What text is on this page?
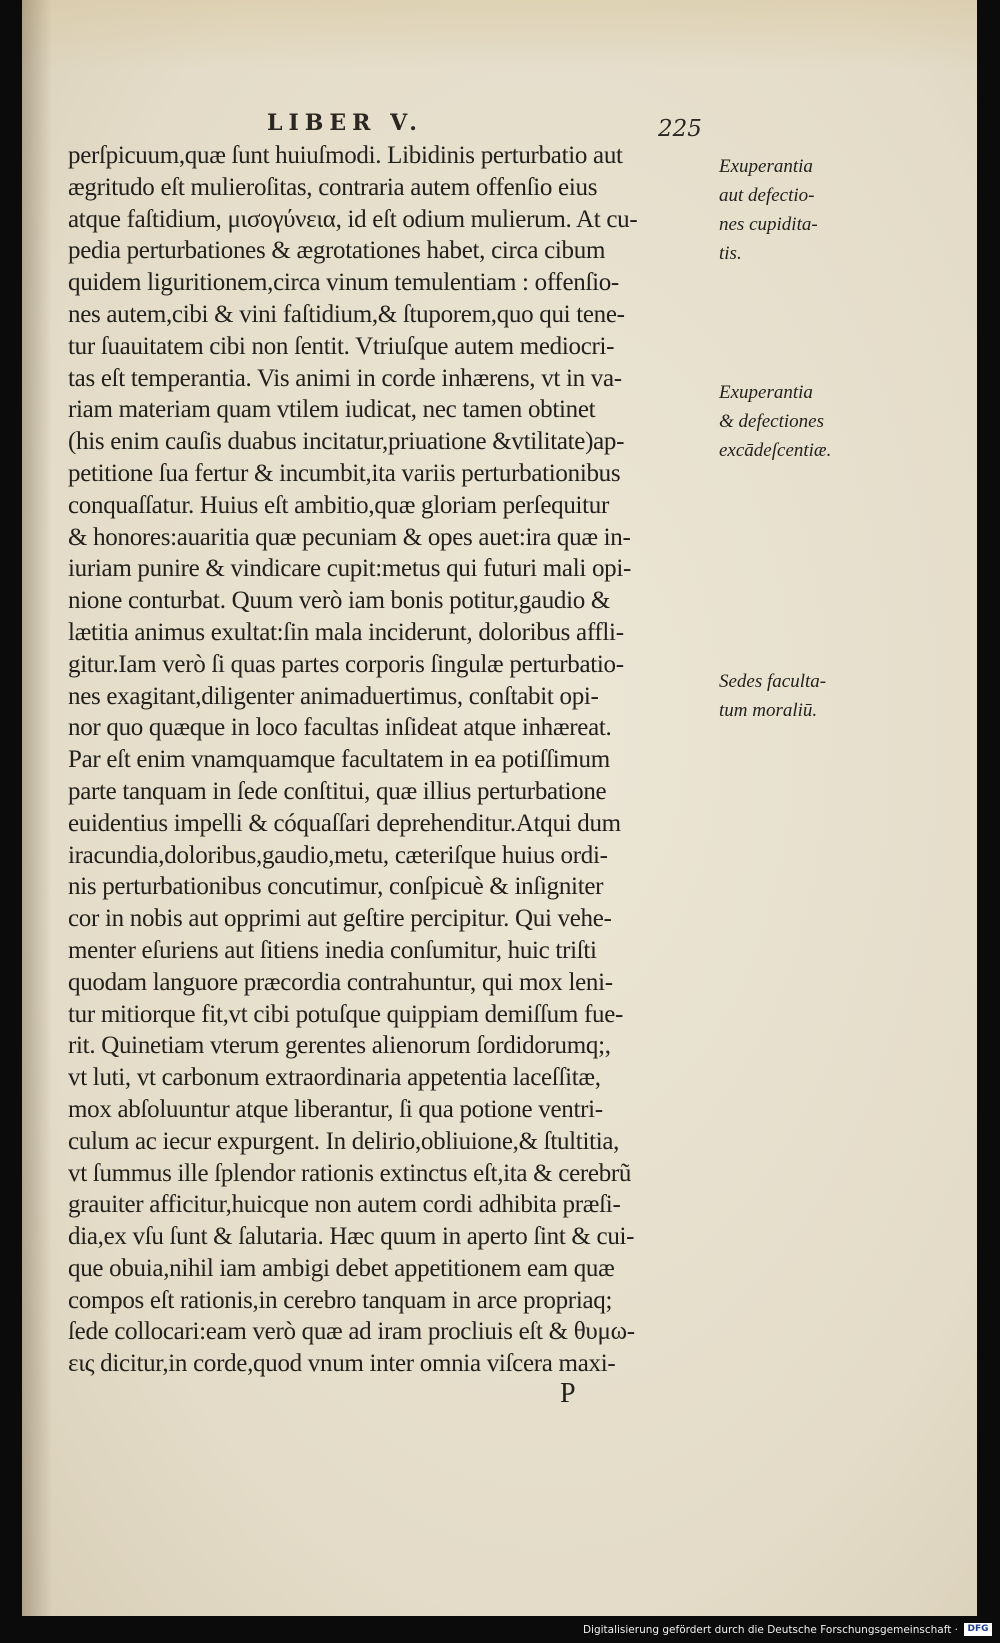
LIBER V.	225
perſpicuum,quæ ſunt huiuſmodi. Libidinis perturbatio aut
ægritudo eſt mulieroſitas, contraria autem offenſio eius
atque faſtidium, μισογύνεια, id eſt odium mulierum. At cu-
pedia perturbationes & ægrotationes habet, circa cibum
quidem liguritionem,circa vinum temulentiam : offenſio-
nes autem,cibi & vini faſtidium,& ſtuporem,quo qui tene-
tur ſuauitatem cibi non ſentit. Vtriuſque autem mediocri-
tas eſt temperantia. Vis animi in corde inhærens, vt in va-
riam materiam quam vtilem iudicat, nec tamen obtinet
(his enim cauſis duabus incitatur,priuatione &vtilitate)ap-
petitione ſua fertur & incumbit,ita variis perturbationibus
conquaſſatur. Huius eſt ambitio,quæ gloriam perſequitur
& honores:auaritia quæ pecuniam & opes auet:ira quæ in-
iuriam punire & vindicare cupit:metus qui futuri mali opi-
nione conturbat. Quum verò iam bonis potitur,gaudio &
lætitia animus exultat:ſin mala inciderunt, doloribus affli-
gitur.Iam verò ſi quas partes corporis ſingulæ perturbatio-
nes exagitant,diligenter animaduertimus, conſtabit opi-
nor quo quæque in loco facultas inſideat atque inhæreat.
Par eſt enim vnamquamque facultatem in ea potiſſimum
parte tanquam in ſede conſtitui, quæ illius perturbatione
euidentius impelli & cóquaſſari deprehenditur.Atqui dum
iracundia,doloribus,gaudio,metu, cæteriſque huius ordi-
nis perturbationibus concutimur, conſpicuè & inſigniter
cor in nobis aut opprimi aut geſtire percipitur. Qui vehe-
menter eſuriens aut ſitiens inedia conſumitur, huic triſti
quodam languore præcordia contrahuntur, qui mox leni-
tur mitiorque fit,vt cibi potuſque quippiam demiſſum fue-
rit. Quinetiam vterum gerentes alienorum ſordidorumq;,
vt luti, vt carbonum extraordinaria appetentia laceſſitæ,
mox abſoluuntur atque liberantur, ſi qua potione ventri-
culum ac iecur expurgent. In delirio,obliuione,& ſtultitia,
vt ſummus ille ſplendor rationis extinctus eſt,ita & cerebrũ
grauiter afficitur,huicque non autem cordi adhibita præſi-
dia,ex vſu ſunt & ſalutaria. Hæc quum in aperto ſint & cui-
que obuia,nihil iam ambigi debet appetitionem eam quæ
compos eſt rationis,in cerebro tanquam in arce propriaq;
ſede collocari:eam verò quæ ad iram procliuis eſt & θυμω-
εις dicitur,in corde,quod vnum inter omnia viſcera maxi-
Exuperantia
aut defectio-
nes cupidita-
tis.
Exuperantia
& defectiones
excādeſcentiæ.
Sedes faculta-
tum moraliū.
P
Digitalisierung gefördert durch die Deutsche Forschungsgemeinschaft ·	DFG
